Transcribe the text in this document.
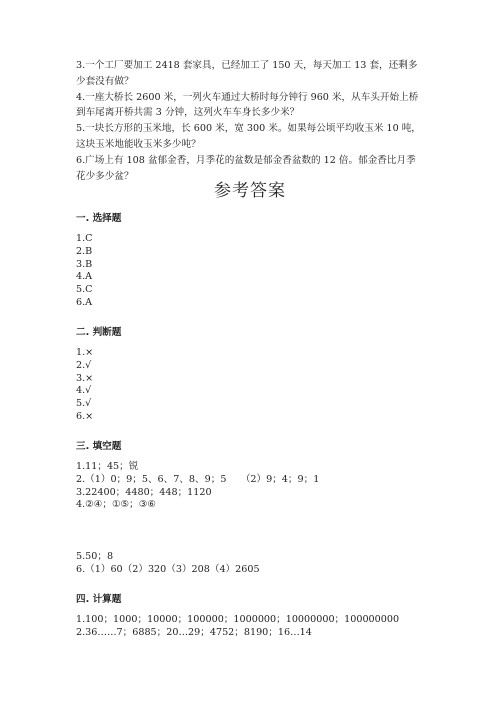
3.一个工厂要加工 2418 套家具，已经加工了 150 天，每天加工 13 套，还剩多

少套没有做？

4.一座大桥长 2600 米，一列火车通过大桥时每分钟行 960 米，从车头开始上桥

到车尾离开桥共需 3 分钟，这列火车车身长多少米？

5.一块长方形的玉米地，长 600 米，宽 300 米。如果每公顷平均收玉米 10 吨，

这块玉米地能收玉米多少吨？

6.广场上有 108 盆郁金香，月季花的盆数是郁金香盆数的 12 倍。郁金香比月季

花少多少盆？

参考答案
一. 选择题
1.C
2.B
3.B
4.A
5.C
6.A
二. 判断题
1.×
2.√
3.×
4.√
5.√
6.×
三. 填空题
1.11；45；锐
2.（1）0；9；5、6、7、8、9；5　　（2）9；4；9；1
3.22400；4480；448；1120
4.②④；①⑤；③⑥
5.50；8
6.（1）60（2）320（3）208（4）2605
四. 计算题
1.100；1000；10000；100000；1000000；10000000；100000000
2.36……7；6885；20…29；4752；8190；16…14
